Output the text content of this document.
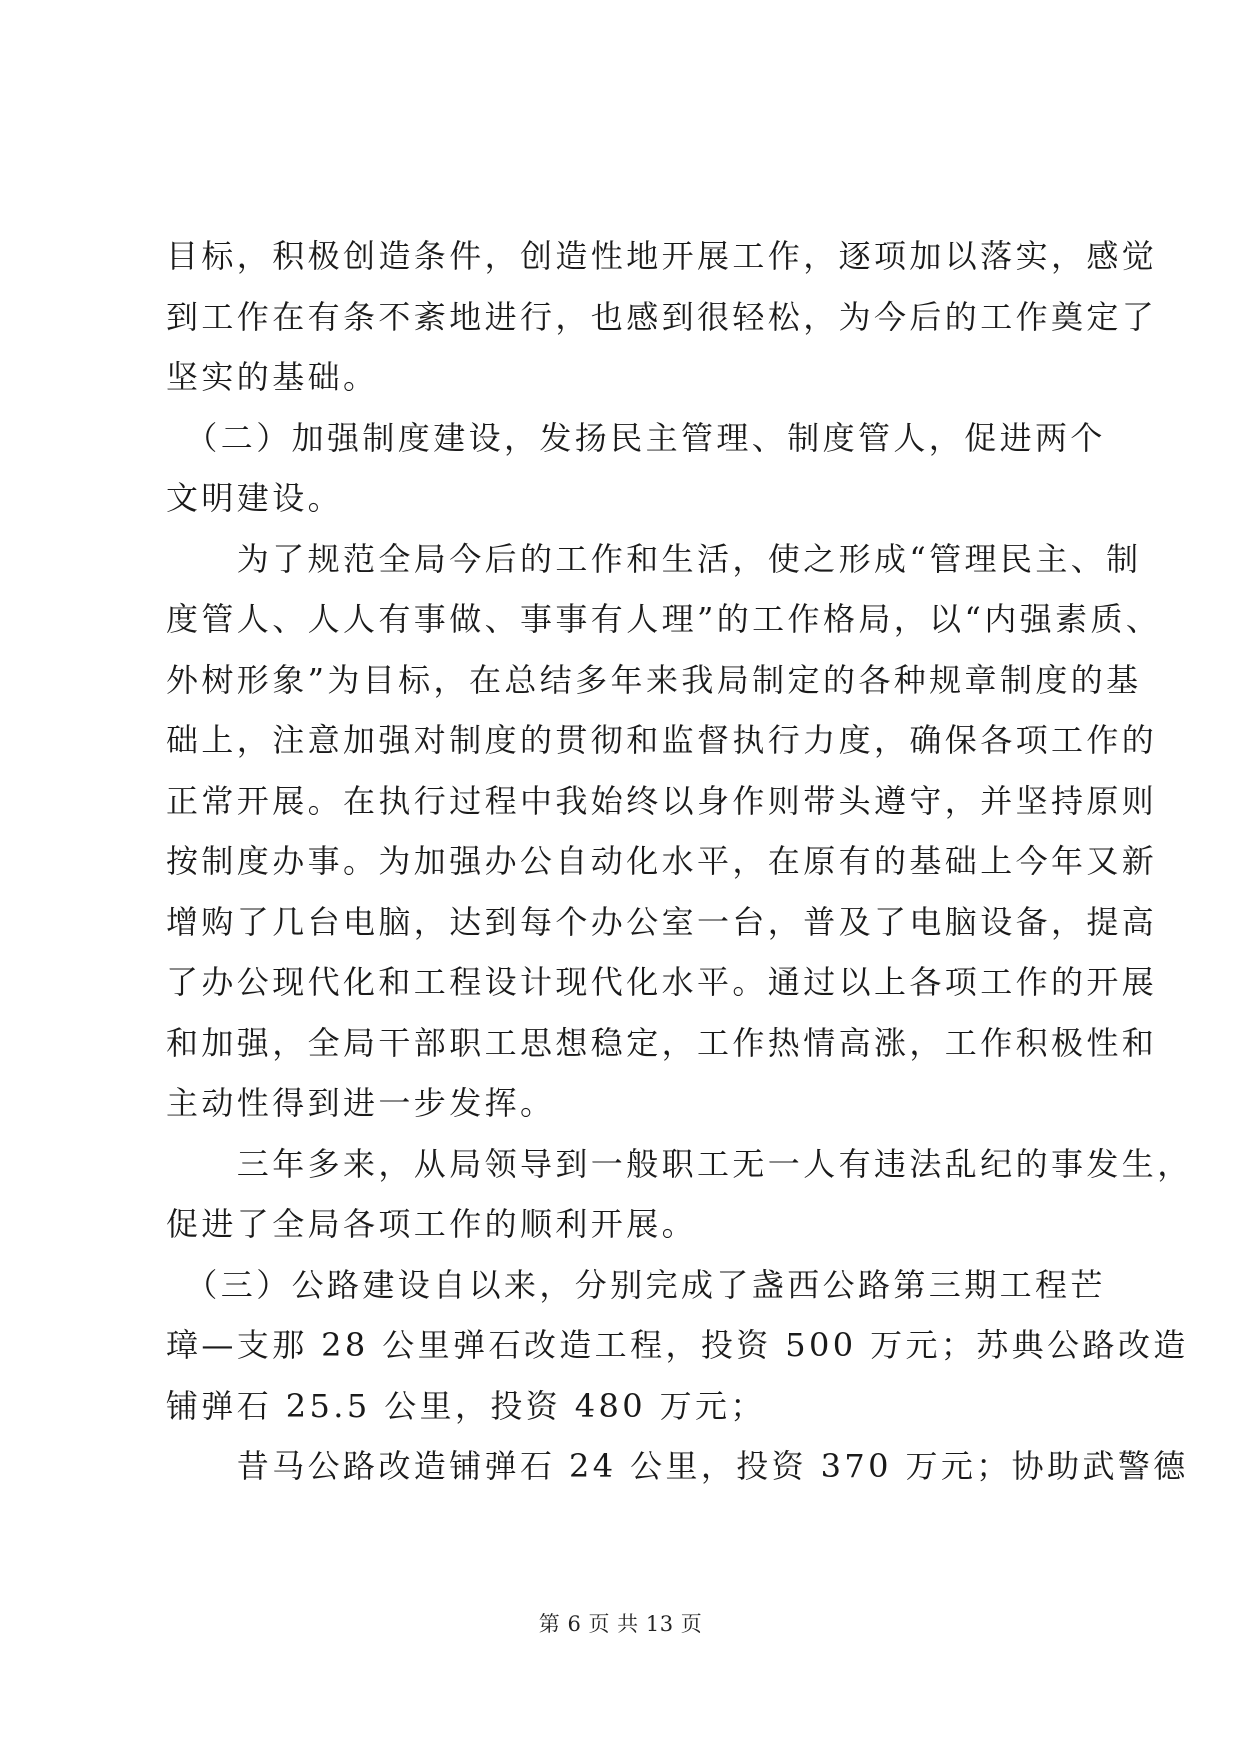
目标，积极创造条件，创造性地开展工作，逐项加以落实，感觉
到工作在有条不紊地进行，也感到很轻松，为今后的工作奠定了
坚实的基础。
　（二）加强制度建设，发扬民主管理、制度管人，促进两个
文明建设。
　　为了规范全局今后的工作和生活，使之形成“管理民主、制
度管人、人人有事做、事事有人理”的工作格局，以“内强素质、
外树形象”为目标，在总结多年来我局制定的各种规章制度的基
础上，注意加强对制度的贯彻和监督执行力度，确保各项工作的
正常开展。在执行过程中我始终以身作则带头遵守，并坚持原则
按制度办事。为加强办公自动化水平，在原有的基础上今年又新
增购了几台电脑，达到每个办公室一台，普及了电脑设备，提高
了办公现代化和工程设计现代化水平。通过以上各项工作的开展
和加强，全局干部职工思想稳定，工作热情高涨，工作积极性和
主动性得到进一步发挥。
　　三年多来，从局领导到一般职工无一人有违法乱纪的事发生，
促进了全局各项工作的顺利开展。
　（三）公路建设自以来，分别完成了盏西公路第三期工程芒
璋—支那 28 公里弹石改造工程，投资 500 万元；苏典公路改造
铺弹石 25.5 公里，投资 480 万元；
　　昔马公路改造铺弹石 24 公里，投资 370 万元；协助武警德
第 6 页 共 13 页
